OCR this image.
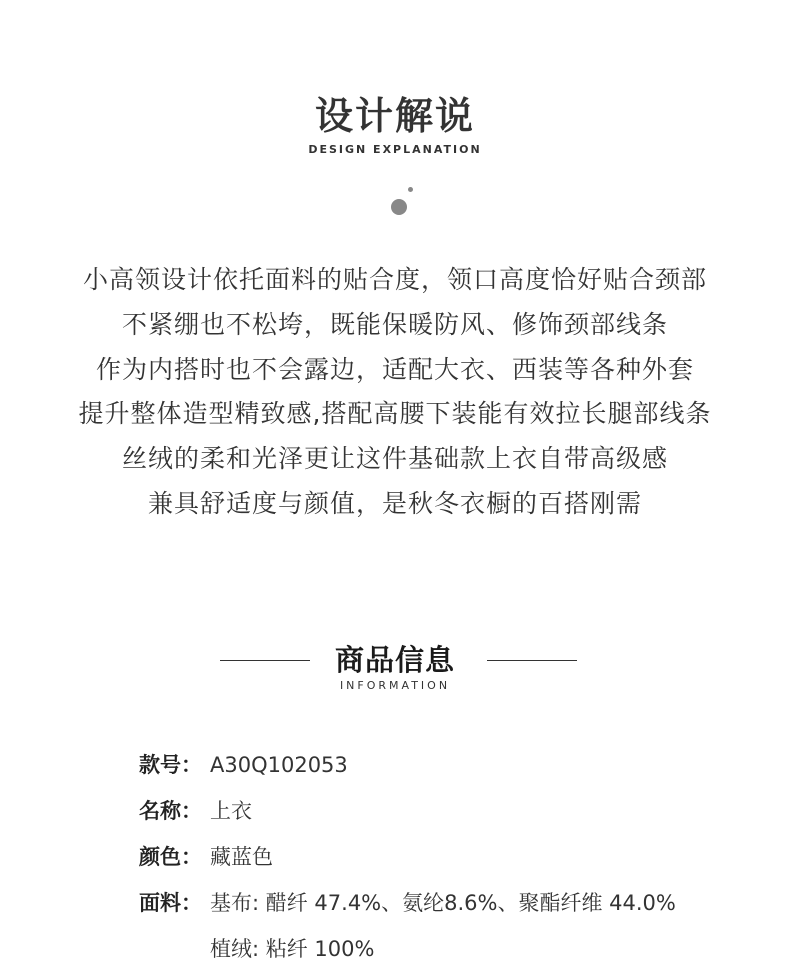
设计解说
DESIGN EXPLANATION
小高领设计依托面料的贴合度，领口高度恰好贴合颈部
不紧绷也不松垮，既能保暖防风、修饰颈部线条
作为内搭时也不会露边，适配大衣、西装等各种外套
提升整体造型精致感,搭配高腰下装能有效拉长腿部线条
丝绒的柔和光泽更让这件基础款上衣自带高级感
兼具舒适度与颜值，是秋冬衣橱的百搭刚需
商品信息
INFORMATION
款号： A30Q102053
名称： 上衣
颜色： 藏蓝色
面料： 基布: 醋纤 47.4%、氨纶8.6%、聚酯纤维 44.0%
植绒: 粘纤 100%
